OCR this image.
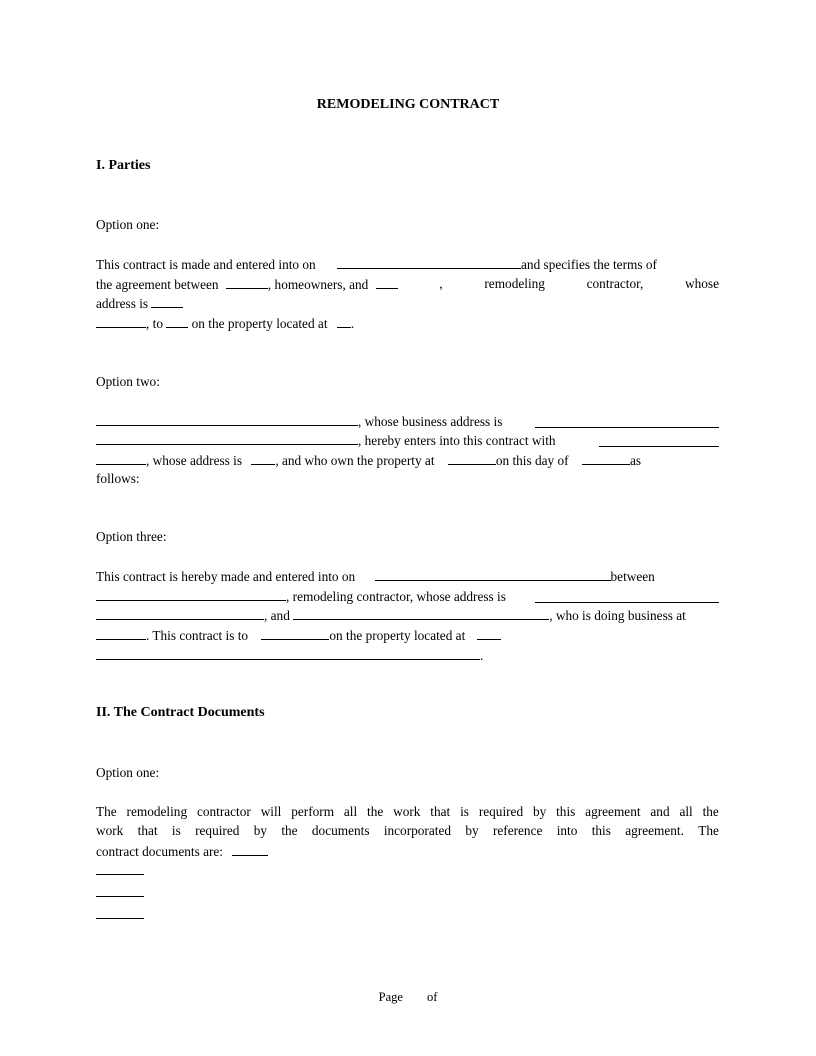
REMODELING CONTRACT
I. Parties
Option one:
This contract is made and entered into on	and specifies the terms of
the agreement between	, homeowners, and	,	remodeling	contractor,	whose
address is
, to on the property located at .
Option two:
, whose business address is
, hereby enters into this contract with
, whose address is	, and who own the property at	on this day of	as
follows:
Option three:
This contract is hereby made and entered into on	between
, remodeling contractor, whose address is
, and	, who is doing business at
. This contract is to	on the property located at
.
II. The Contract Documents
Option one:
The remodeling contractor will perform all the work that is required by this agreement and all the
work that is required by the documents incorporated by reference into this agreement. The
contract documents are:
Page of
